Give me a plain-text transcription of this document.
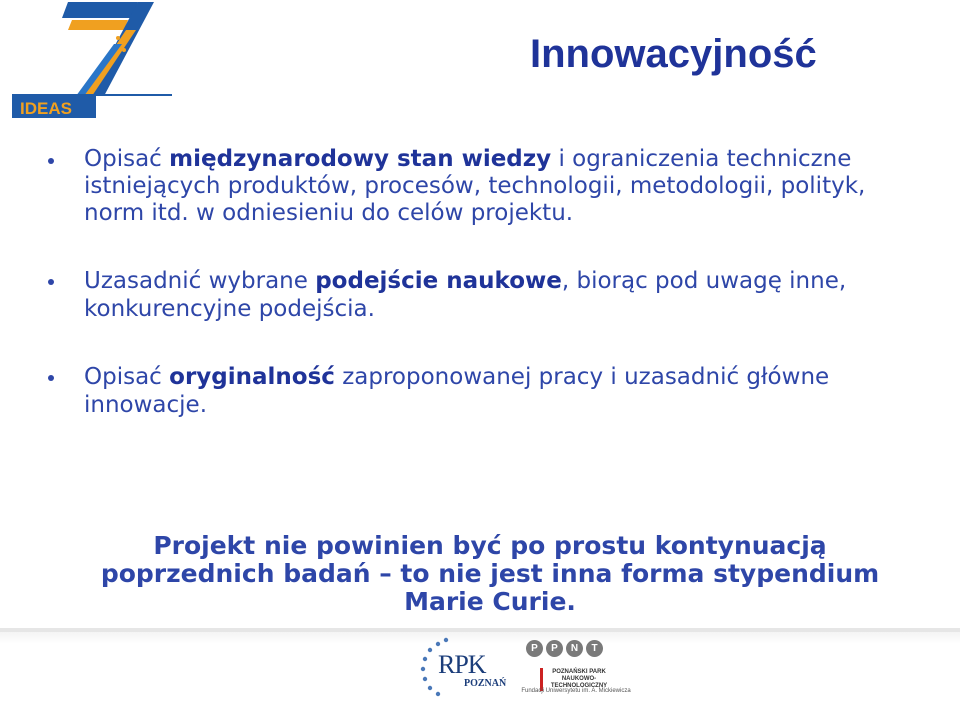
IDEAS
Innowacyjność
Opisać międzynarodowy stan wiedzy i ograniczenia techniczne istniejących produktów, procesów, technologii, metodologii, polityk, norm itd. w odniesieniu do celów projektu.
Uzasadnić wybrane podejście naukowe, biorąc pod uwagę inne, konkurencyjne podejścia.
Opisać oryginalność zaproponowanej pracy i uzasadnić główne innowacje.

Projekt nie powinien być po prostu kontynuacją poprzednich badań – to nie jest inna forma stypendium Marie Curie.

RPK
POZNAŃ
P	P	N	T
POZNAŃSKI PARK NAUKOWO-TECHNOLOGICZNY
Fundacji Uniwersytetu im. A. Mickiewicza
